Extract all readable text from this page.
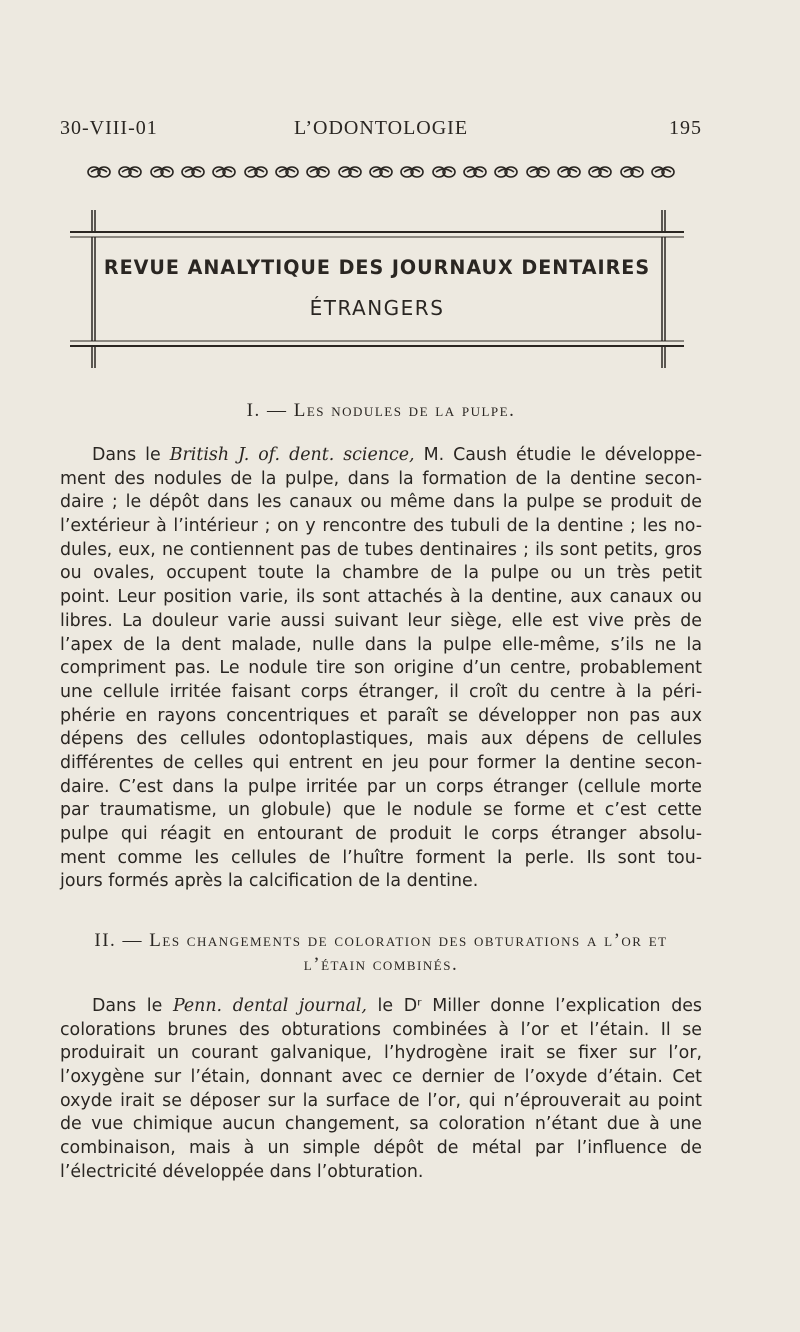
L’ODONTOLOGIE
30-VIII-01	195
REVUE ANALYTIQUE DES JOURNAUX DENTAIRES
ÉTRANGERS
I. — Les nodules de la pulpe.
Dans le British J. of. dent. science, M. Caush étudie le développe-
ment des nodules de la pulpe, dans la formation de la dentine secon-
daire ; le dépôt dans les canaux ou même dans la pulpe se produit de
l’extérieur à l’intérieur ; on y rencontre des tubuli de la dentine ; les no-
dules, eux, ne contiennent pas de tubes dentinaires ; ils sont petits, gros
ou ovales, occupent toute la chambre de la pulpe ou un très petit
point. Leur position varie, ils sont attachés à la dentine, aux canaux ou
libres. La douleur varie aussi suivant leur siège, elle est vive près de
l’apex de la dent malade, nulle dans la pulpe elle-même, s’ils ne la
compriment pas. Le nodule tire son origine d’un centre, probablement
une cellule irritée faisant corps étranger, il croît du centre à la péri-
phérie en rayons concentriques et paraît se développer non pas aux
dépens des cellules odontoplastiques, mais aux dépens de cellules
différentes de celles qui entrent en jeu pour former la dentine secon-
daire. C’est dans la pulpe irritée par un corps étranger (cellule morte
par traumatisme, un globule) que le nodule se forme et c’est cette
pulpe qui réagit en entourant de produit le corps étranger absolu-
ment comme les cellules de l’huître forment la perle. Ils sont tou-
jours formés après la calcification de la dentine.
II. — Les changements de coloration des obturations a l’or et
l’étain combinés.
Dans le Penn. dental journal, le Dʳ Miller donne l’explication des
colorations brunes des obturations combinées à l’or et l’étain. Il se
produirait un courant galvanique, l’hydrogène irait se fixer sur l’or,
l’oxygène sur l’étain, donnant avec ce dernier de l’oxyde d’étain. Cet
oxyde irait se déposer sur la surface de l’or, qui n’éprouverait au point
de vue chimique aucun changement, sa coloration n’étant due à une
combinaison, mais à un simple dépôt de métal par l’influence de
l’électricité développée dans l’obturation.
